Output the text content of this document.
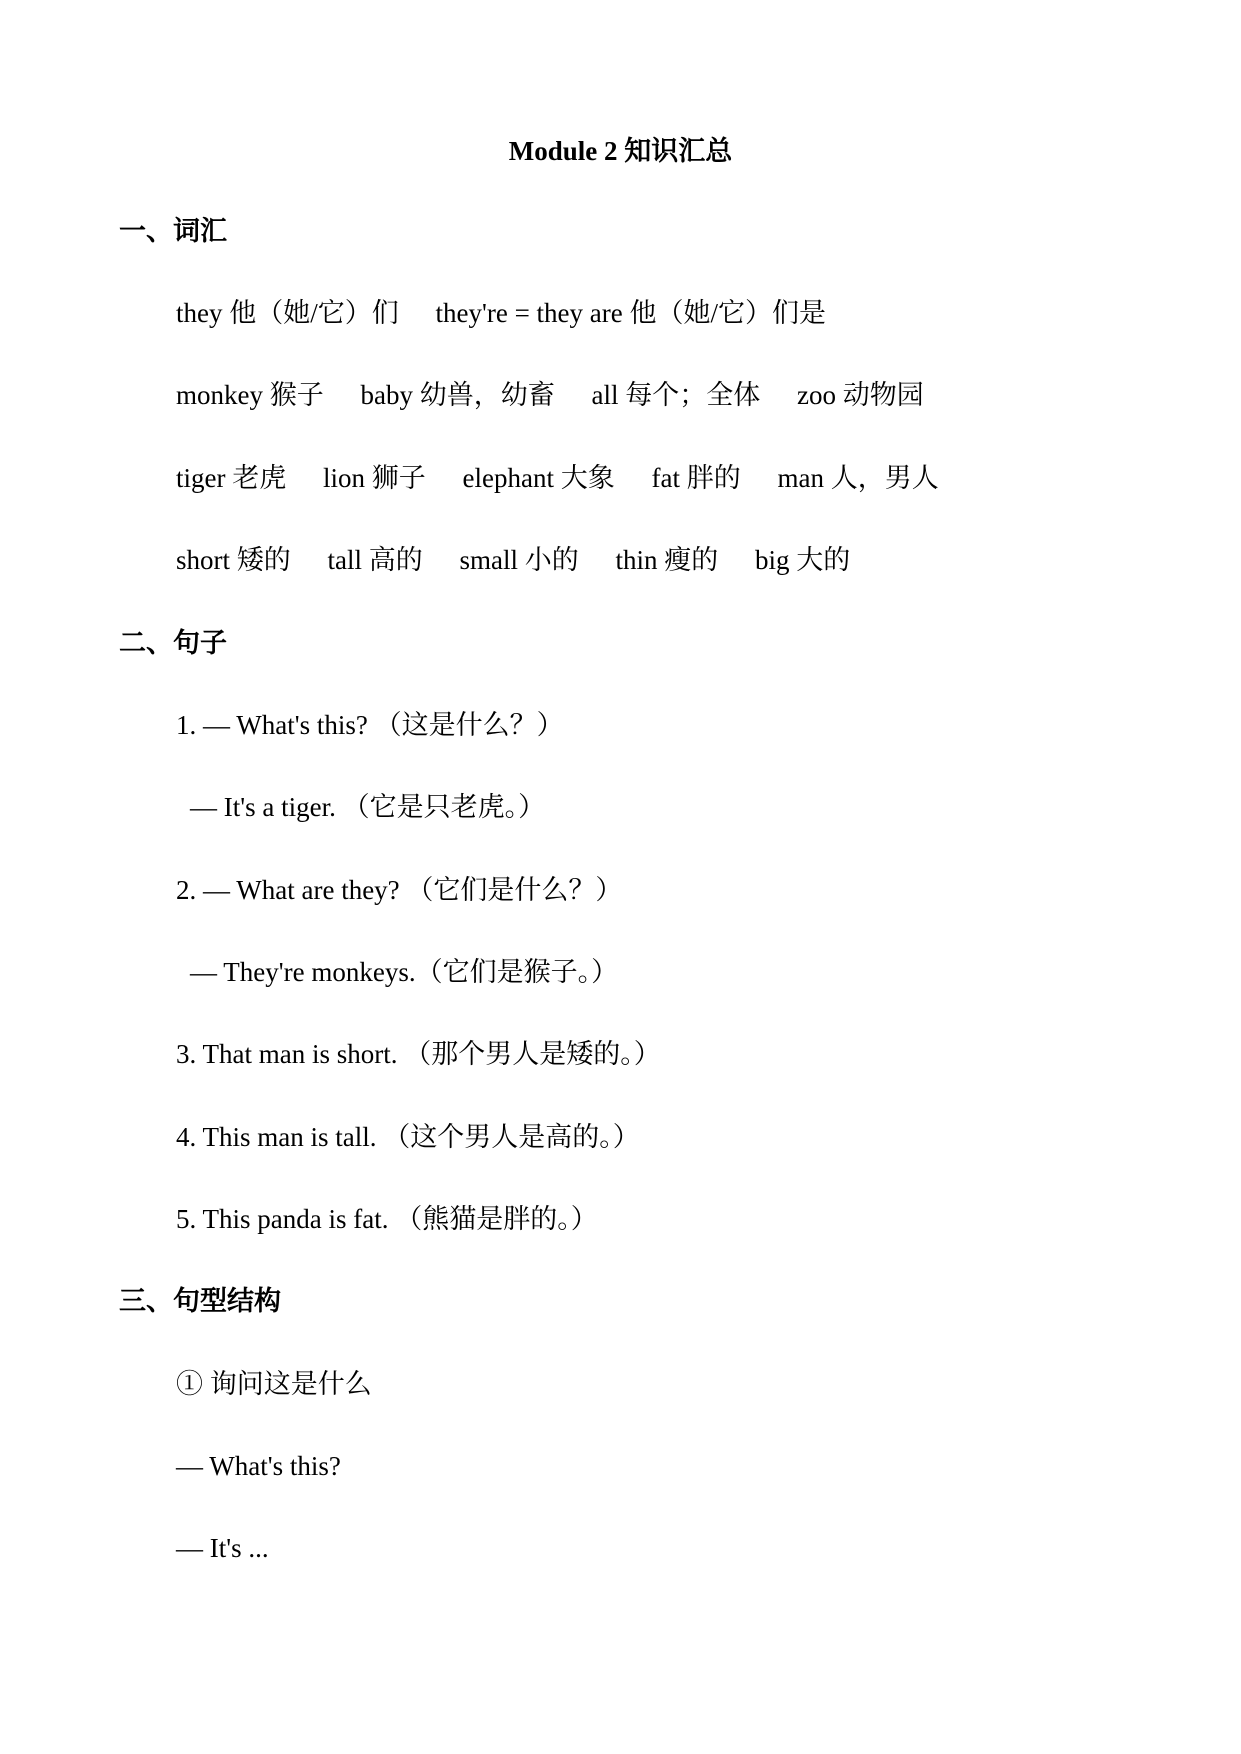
Module 2 知识汇总
一、词汇
they 他（她/它）们 they're = they are 他（她/它）们是
monkey 猴子 baby 幼兽，幼畜 all 每个；全体 zoo 动物园
tiger 老虎 lion 狮子 elephant 大象 fat 胖的 man 人，男人
short 矮的 tall 高的 small 小的 thin 瘦的 big 大的
二、句子
1. — What's this? （这是什么？）
— It's a tiger. （它是只老虎。）
2. — What are they? （它们是什么？）
— They're monkeys.（它们是猴子。）
3. That man is short. （那个男人是矮的。）
4. This man is tall. （这个男人是高的。）
5. This panda is fat. （熊猫是胖的。）
三、句型结构
① 询问这是什么
— What's this?
— It's ...
